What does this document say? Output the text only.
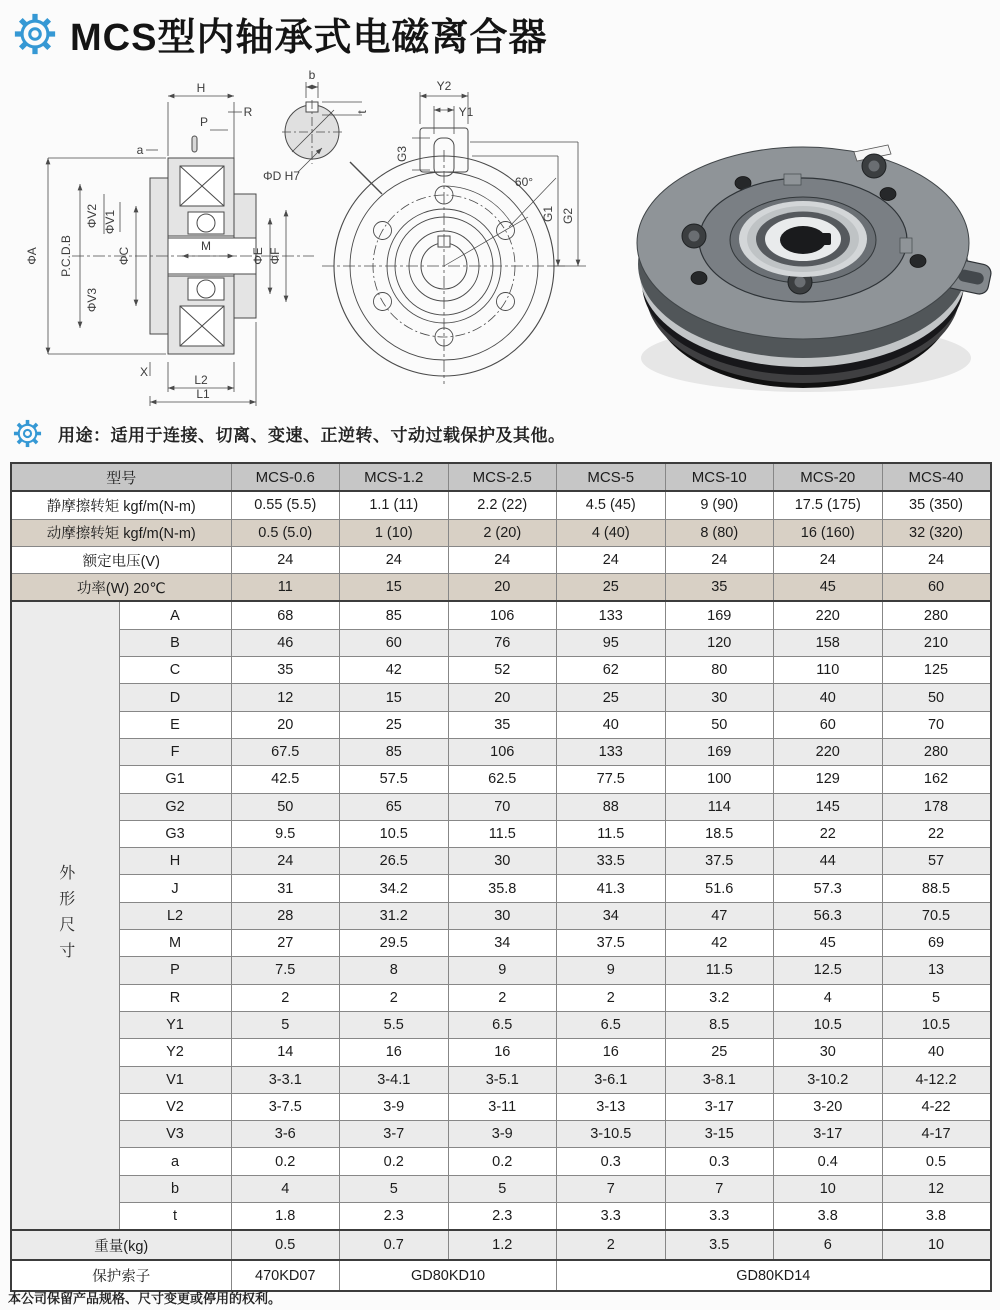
MCS型内轴承式电磁离合器
H
R
P
a
ΦA P.C.D.B
ΦV2 ΦV1
ΦC
ΦV3
M
ΦE ΦF
X
L2
L1
b
t
ΦD H7
Y2
Y1
G3
60°
G1 G2
用途：适用于连接、切离、变速、正逆转、寸动过载保护及其他。
型号		MCS-0.6	MCS-1.2	MCS-2.5	MCS-5	MCS-10	MCS-20	MCS-40
静摩擦转矩 kgf/m(N-m)		0.55 (5.5)	1.1 (11)	2.2 (22)	4.5 (45)	9 (90)	17.5 (175)	35 (350)
动摩擦转矩 kgf/m(N-m)		0.5 (5.0)	1 (10)	2 (20)	4 (40)	8 (80)	16 (160)	32 (320)
额定电压(V)		24	24	24	24	24	24	24
功率(W) 20℃		11	15	20	25	35	45	60

外形尺寸	A	68	85	106	133	169	220	280
	B	46	60	76	95	120	158	210
	C	35	42	52	62	80	110	125
	D	12	15	20	25	30	40	50
	E	20	25	35	40	50	60	70
	F	67.5	85	106	133	169	220	280
	G1	42.5	57.5	62.5	77.5	100	129	162
	G2	50	65	70	88	114	145	178
	G3	9.5	10.5	11.5	11.5	18.5	22	22
	H	24	26.5	30	33.5	37.5	44	57
	J	31	34.2	35.8	41.3	51.6	57.3	88.5
	L2	28	31.2	30	34	47	56.3	70.5
	M	27	29.5	34	37.5	42	45	69
	P	7.5	8	9	9	11.5	12.5	13
	R	2	2	2	2	3.2	4	5
	Y1	5	5.5	6.5	6.5	8.5	10.5	10.5
	Y2	14	16	16	16	25	30	40
	V1	3-3.1	3-4.1	3-5.1	3-6.1	3-8.1	3-10.2	4-12.2
	V2	3-7.5	3-9	3-11	3-13	3-17	3-20	4-22
	V3	3-6	3-7	3-9	3-10.5	3-15	3-17	4-17
	a	0.2	0.2	0.2	0.3	0.3	0.4	0.5
	b	4	5	5	7	7	10	12
	t	1.8	2.3	2.3	3.3	3.3	3.8	3.8
重量(kg)		0.5	0.7	1.2	2	3.5	6	10
保护索子		470KD07	GD80KD10		GD80KD14			
本公司保留产品规格、尺寸变更或停用的权利。
